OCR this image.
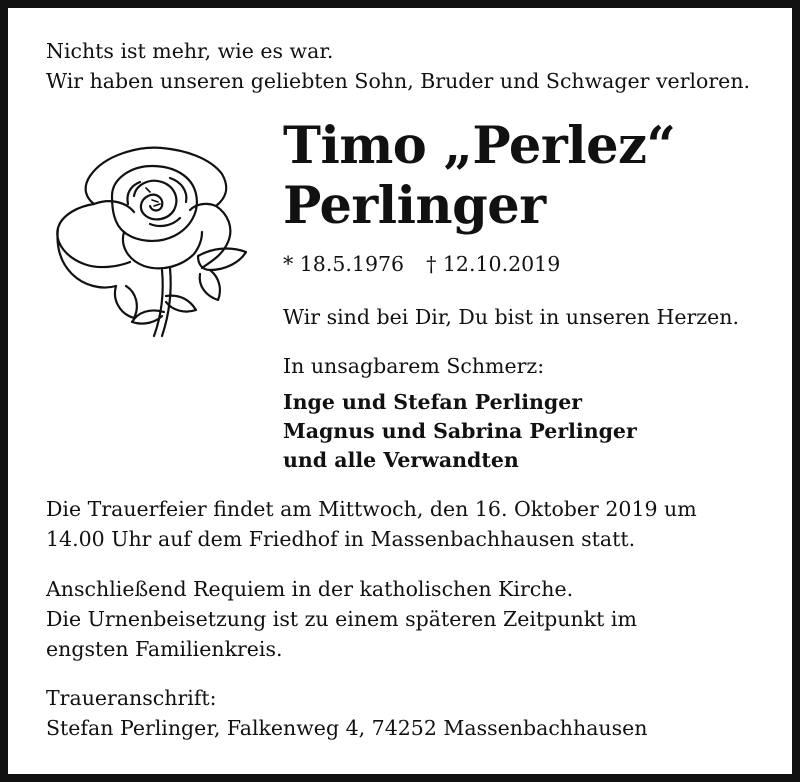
Nichts ist mehr, wie es war.
Wir haben unseren geliebten Sohn, Bruder und Schwager verloren.
Timo „Perlez“
Perlinger
* 18.5.1976 † 12.10.2019
Wir sind bei Dir, Du bist in unseren Herzen.
In unsagbarem Schmerz:
Inge und Stefan Perlinger
Magnus und Sabrina Perlinger
und alle Verwandten
Die Trauerfeier findet am Mittwoch, den 16. Oktober 2019 um
14.00 Uhr auf dem Friedhof in Massenbachhausen statt.
Anschließend Requiem in der katholischen Kirche.
Die Urnenbeisetzung ist zu einem späteren Zeitpunkt im
engsten Familienkreis.
Traueranschrift:
Stefan Perlinger, Falkenweg 4, 74252 Massenbachhausen
